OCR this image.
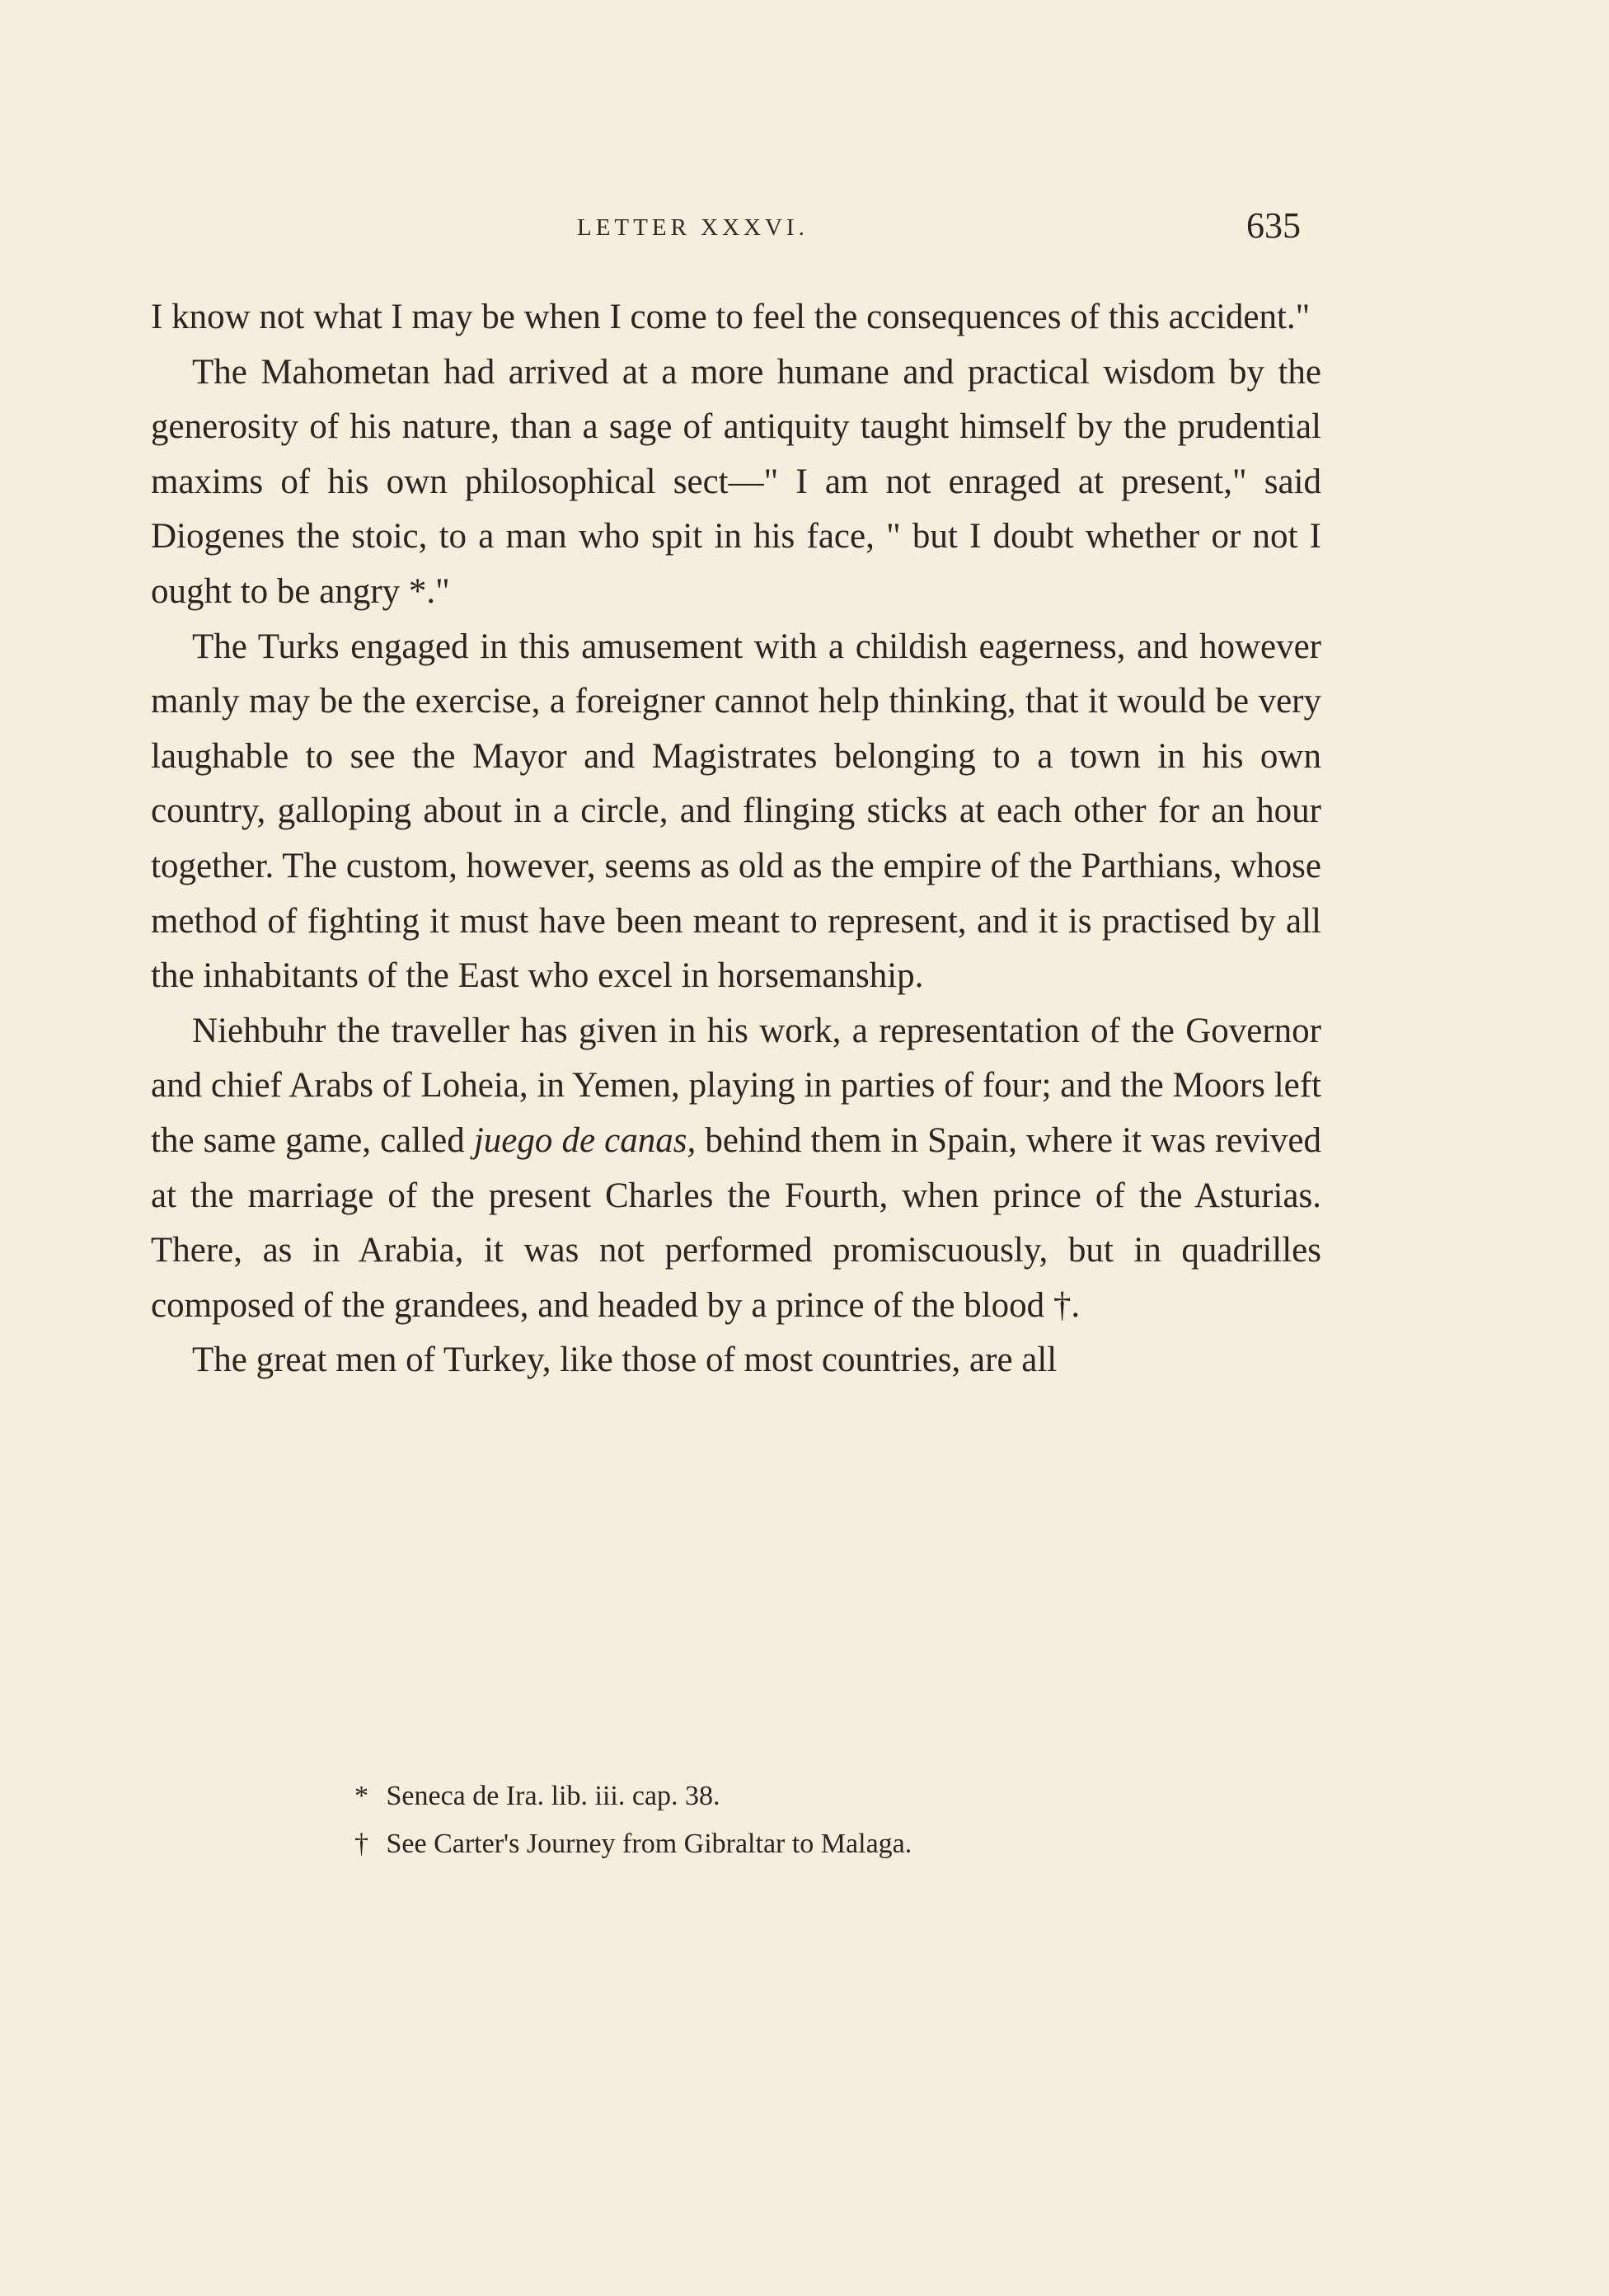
LETTER XXXVI.	635

I know not what I may be when I come to feel the consequences of this accident."

The Mahometan had arrived at a more humane and practical wisdom by the generosity of his nature, than a sage of antiquity taught himself by the prudential maxims of his own philosophical sect—" I am not enraged at present," said Diogenes the stoic, to a man who spit in his face, " but I doubt whether or not I ought to be angry *."

The Turks engaged in this amusement with a childish eagerness, and however manly may be the exercise, a foreigner cannot help thinking, that it would be very laughable to see the Mayor and Magistrates belonging to a town in his own country, galloping about in a circle, and flinging sticks at each other for an hour together. The custom, however, seems as old as the empire of the Parthians, whose method of fighting it must have been meant to represent, and it is practised by all the inhabitants of the East who excel in horsemanship.

Niehbuhr the traveller has given in his work, a representation of the Governor and chief Arabs of Loheia, in Yemen, playing in parties of four; and the Moors left the same game, called juego de canas, behind them in Spain, where it was revived at the marriage of the present Charles the Fourth, when prince of the Asturias. There, as in Arabia, it was not performed promiscuously, but in quadrilles composed of the grandees, and headed by a prince of the blood †.

The great men of Turkey, like those of most countries, are all

* Seneca de Ira. lib. iii. cap. 38.
† See Carter's Journey from Gibraltar to Malaga.
